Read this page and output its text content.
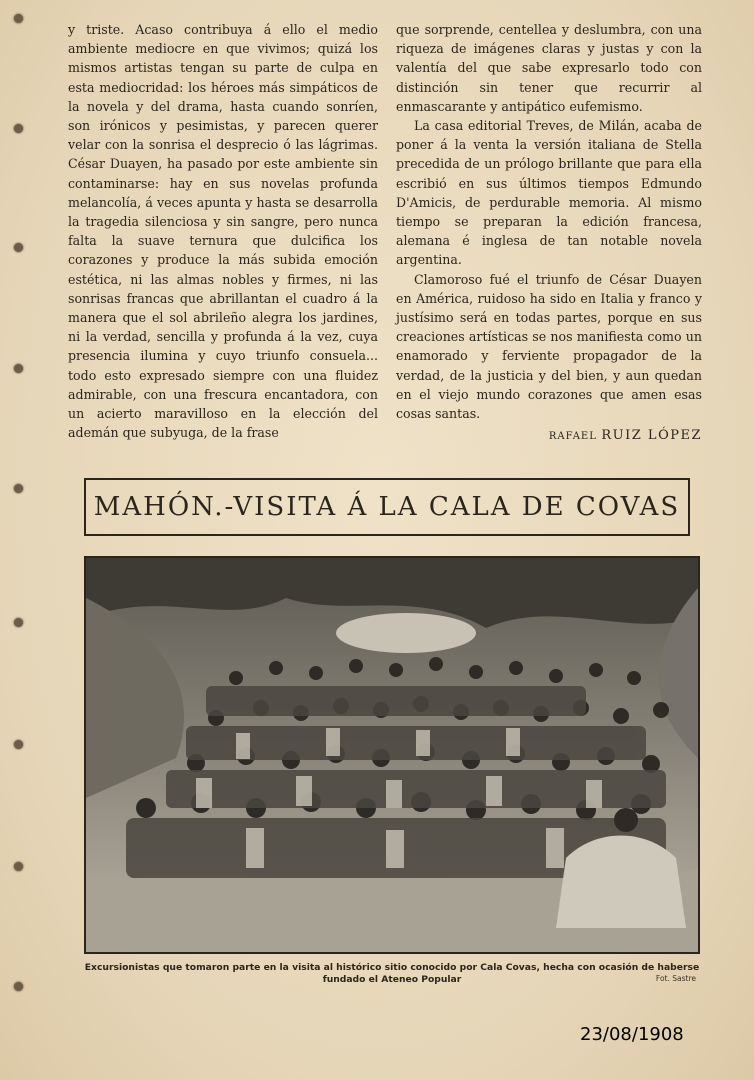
y triste. Acaso contribuya á ello el medio ambiente mediocre en que vivimos; quizá los mismos artistas tengan su parte de culpa en esta mediocridad: los héroes más simpáticos de la novela y del drama, hasta cuando sonríen, son irónicos y pesimistas, y parecen querer velar con la sonrisa el desprecio ó las lágrimas. César Duayen, ha pasado por este ambiente sin contaminarse: hay en sus novelas profunda melancolía, á veces apunta y hasta se desarrolla la tragedia silenciosa y sin sangre, pero nunca falta la suave ternura que dulcifica los corazones y produce la más subida emoción estética, ni las almas nobles y firmes, ni las sonrisas francas que abrillantan el cuadro á la manera que el sol abrileño alegra los jardines, ni la verdad, sencilla y profunda á la vez, cuya presencia ilumina y cuyo triunfo consuela... todo esto expresado siempre con una fluidez admirable, con una frescura encantadora, con un acierto maravilloso en la elección del ademán que subyuga, de la frase

que sorprende, centellea y deslumbra, con una riqueza de imágenes claras y justas y con la valentía del que sabe expresarlo todo con distinción sin tener que recurrir al enmascarante y antipático eufemismo.

La casa editorial Treves, de Milán, acaba de poner á la venta la versión italiana de Stella precedida de un prólogo brillante que para ella escribió en sus últimos tiempos Edmundo D'Amicis, de perdurable memoria. Al mismo tiempo se preparan la edición francesa, alemana é inglesa de tan notable novela argentina.

Clamoroso fué el triunfo de César Duayen en América, ruidoso ha sido en Italia y franco y justísimo será en todas partes, porque en sus creaciones artísticas se nos manifiesta como un enamorado y ferviente propagador de la verdad, de la justicia y del bien, y aun quedan en el viejo mundo corazones que amen esas cosas santas.

RAFAEL RUIZ LÓPEZ
MAHÓN.-VISITA Á LA CALA DE COVAS
Excursionistas que tomaron parte en la visita al histórico sitio conocido por Cala Covas, hecha con ocasión de haberse fundado el Ateneo Popular	Fot. Sastre
23/08/1908
